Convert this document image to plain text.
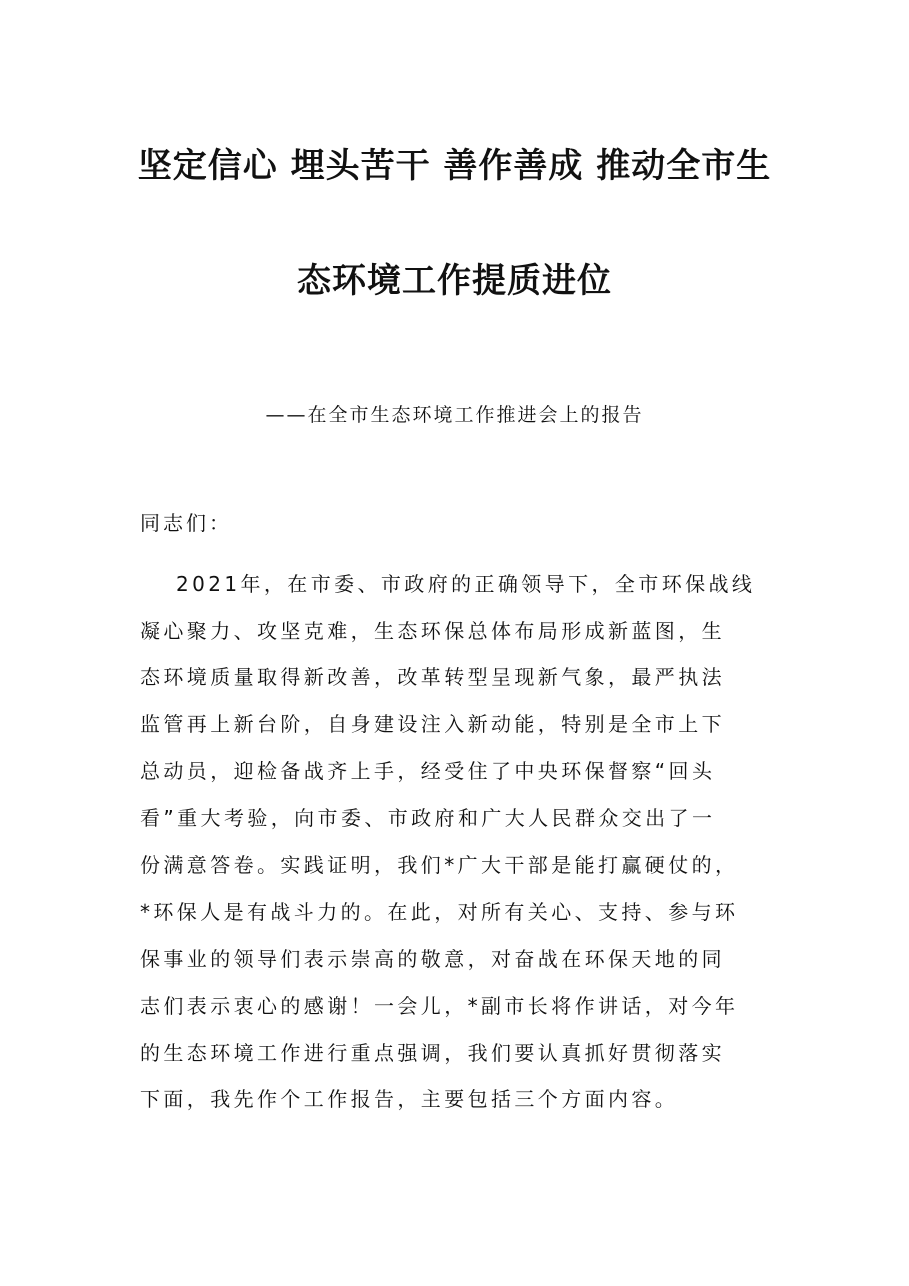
坚定信心 埋头苦干 善作善成 推动全市生
态环境工作提质进位
——在全市生态环境工作推进会上的报告
同志们：
2021年，在市委、市政府的正确领导下，全市环保战线
凝心聚力、攻坚克难，生态环保总体布局形成新蓝图，生
态环境质量取得新改善，改革转型呈现新气象，最严执法
监管再上新台阶，自身建设注入新动能，特别是全市上下
总动员，迎检备战齐上手，经受住了中央环保督察“回头
看”重大考验，向市委、市政府和广大人民群众交出了一
份满意答卷。实践证明，我们*广大干部是能打赢硬仗的，
*环保人是有战斗力的。在此，对所有关心、支持、参与环
保事业的领导们表示崇高的敬意，对奋战在环保天地的同
志们表示衷心的感谢！一会儿，*副市长将作讲话，对今年
的生态环境工作进行重点强调，我们要认真抓好贯彻落实
下面，我先作个工作报告，主要包括三个方面内容。
